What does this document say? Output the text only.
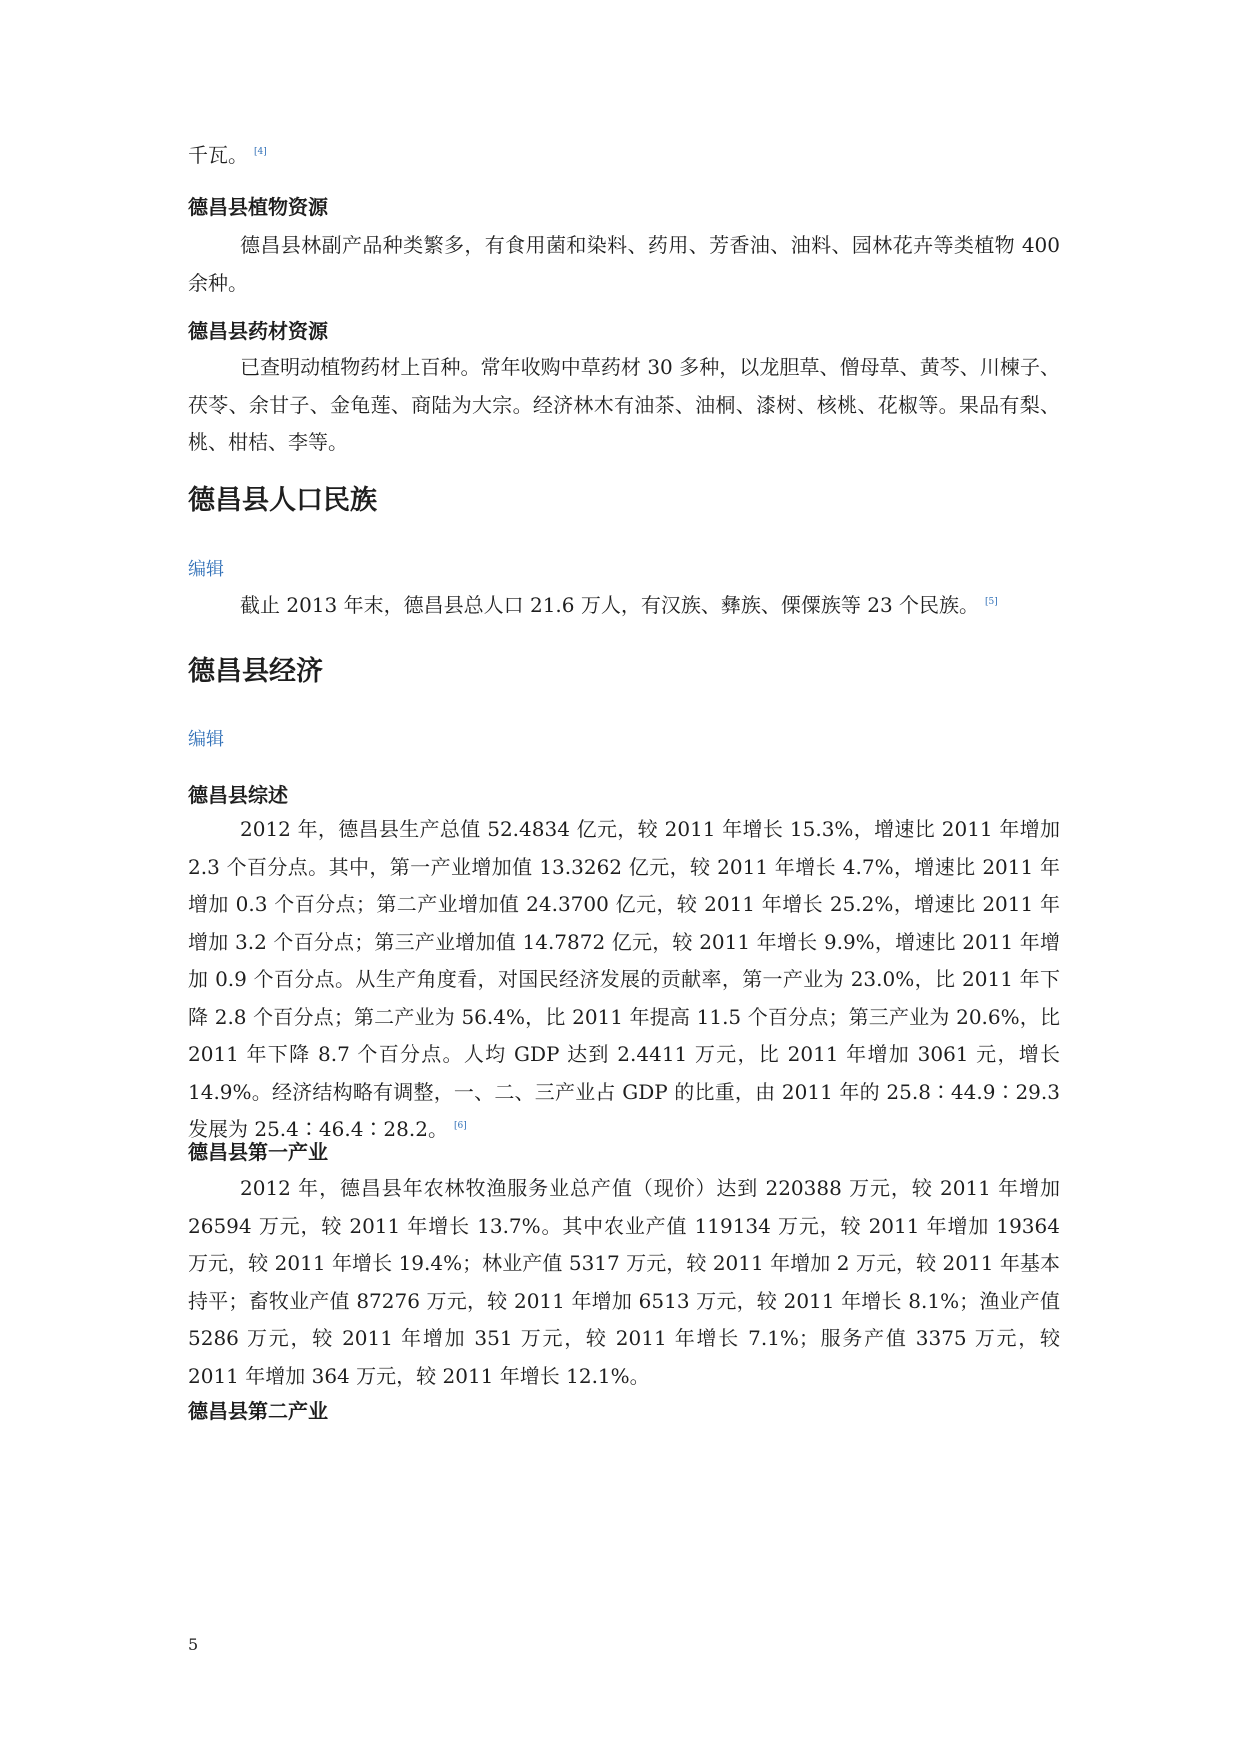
千瓦。 [4]
德昌县植物资源
德昌县林副产品种类繁多，有食用菌和染料、药用、芳香油、油料、园林花卉等类植物 400 余种。
德昌县药材资源
已查明动植物药材上百种。常年收购中草药材 30 多种，以龙胆草、僧母草、黄芩、川楝子、茯苓、余甘子、金龟莲、商陆为大宗。经济林木有油茶、油桐、漆树、核桃、花椒等。果品有梨、桃、柑桔、李等。
德昌县人口民族
编辑
截止 2013 年末，德昌县总人口 21.6 万人，有汉族、彝族、傈僳族等 23 个民族。 [5]
德昌县经济
编辑
德昌县综述
2012 年，德昌县生产总值 52.4834 亿元，较 2011 年增长 15.3%，增速比 2011 年增加 2.3 个百分点。其中，第一产业增加值 13.3262 亿元，较 2011 年增长 4.7%，增速比 2011 年增加 0.3 个百分点；第二产业增加值 24.3700 亿元，较 2011 年增长 25.2%，增速比 2011 年增加 3.2 个百分点；第三产业增加值 14.7872 亿元，较 2011 年增长 9.9%，增速比 2011 年增加 0.9 个百分点。从生产角度看，对国民经济发展的贡献率，第一产业为 23.0%，比 2011 年下降 2.8 个百分点；第二产业为 56.4%，比 2011 年提高 11.5 个百分点；第三产业为 20.6%，比 2011 年下降 8.7 个百分点。人均 GDP 达到 2.4411 万元，比 2011 年增加 3061 元，增长 14.9%。经济结构略有调整，一、二、三产业占 GDP 的比重，由 2011 年的 25.8∶44.9∶29.3 发展为 25.4∶46.4∶28.2。 [6]
德昌县第一产业
2012 年，德昌县年农林牧渔服务业总产值（现价）达到 220388 万元，较 2011 年增加 26594 万元，较 2011 年增长 13.7%。其中农业产值 119134 万元，较 2011 年增加 19364 万元，较 2011 年增长 19.4%；林业产值 5317 万元，较 2011 年增加 2 万元，较 2011 年基本持平；畜牧业产值 87276 万元，较 2011 年增加 6513 万元，较 2011 年增长 8.1%；渔业产值 5286 万元，较 2011 年增加 351 万元，较 2011 年增长 7.1%；服务产值 3375 万元，较 2011 年增加 364 万元，较 2011 年增长 12.1%。
德昌县第二产业
5
